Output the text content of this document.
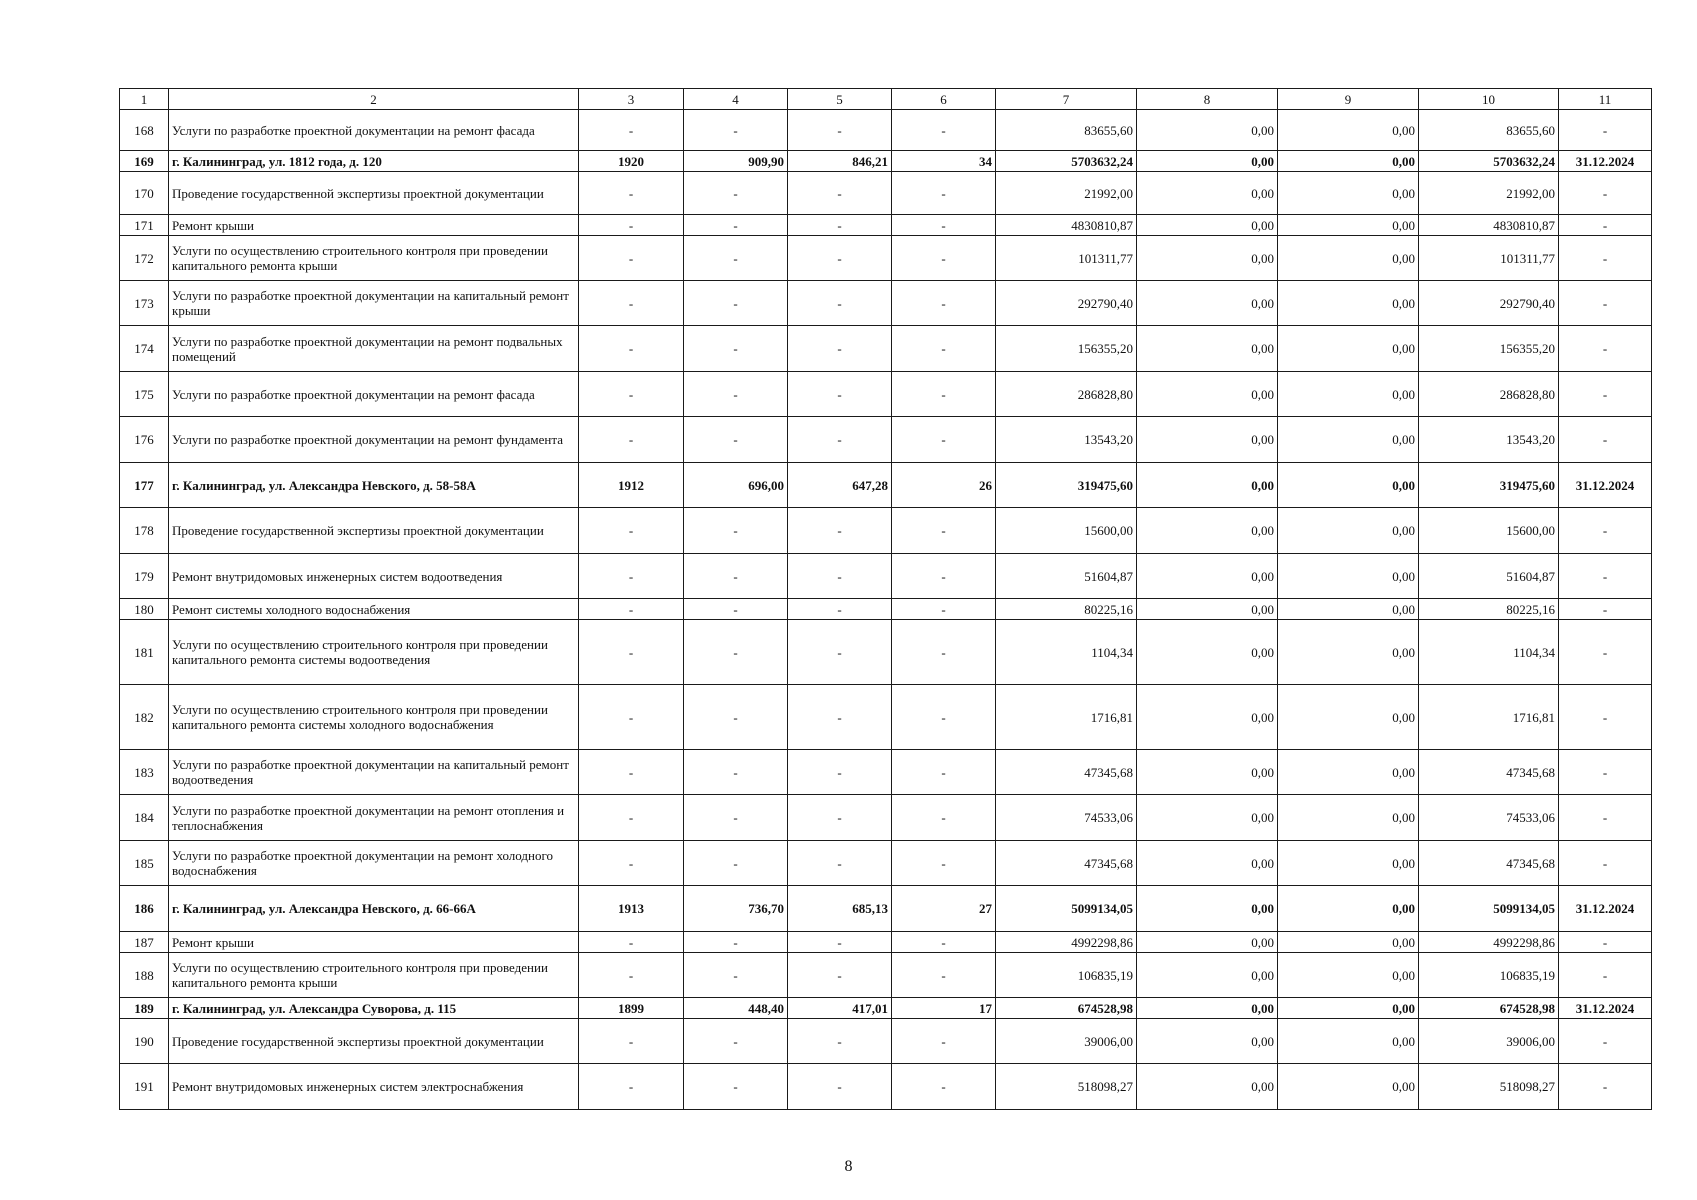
1	2	3	4	5	6	7	8	9	10	11
168	Услуги по разработке проектной документации на ремонт фасада	-	-	-	-	83655,60	0,00	0,00	83655,60	-
169	г. Калининград, ул. 1812 года, д. 120	1920	909,90	846,21	34	5703632,24	0,00	0,00	5703632,24	31.12.2024
170	Проведение государственной экспертизы проектной документации	-	-	-	-	21992,00	0,00	0,00	21992,00	-
171	Ремонт крыши	-	-	-	-	4830810,87	0,00	0,00	4830810,87	-
172	Услуги по осуществлению строительного контроля при проведении капитального ремонта крыши	-	-	-	-	101311,77	0,00	0,00	101311,77	-
173	Услуги по разработке проектной документации на капитальный ремонт крыши	-	-	-	-	292790,40	0,00	0,00	292790,40	-
174	Услуги по разработке проектной документации на ремонт подвальных помещений	-	-	-	-	156355,20	0,00	0,00	156355,20	-
175	Услуги по разработке проектной документации на ремонт фасада	-	-	-	-	286828,80	0,00	0,00	286828,80	-
176	Услуги по разработке проектной документации на ремонт фундамента	-	-	-	-	13543,20	0,00	0,00	13543,20	-
177	г. Калининград, ул. Александра Невского, д. 58-58А	1912	696,00	647,28	26	319475,60	0,00	0,00	319475,60	31.12.2024
178	Проведение государственной экспертизы проектной документации	-	-	-	-	15600,00	0,00	0,00	15600,00	-
179	Ремонт внутридомовых инженерных систем водоотведения	-	-	-	-	51604,87	0,00	0,00	51604,87	-
180	Ремонт системы холодного водоснабжения	-	-	-	-	80225,16	0,00	0,00	80225,16	-
181	Услуги по осуществлению строительного контроля при проведении капитального ремонта системы водоотведения	-	-	-	-	1104,34	0,00	0,00	1104,34	-
182	Услуги по осуществлению строительного контроля при проведении капитального ремонта системы холодного водоснабжения	-	-	-	-	1716,81	0,00	0,00	1716,81	-
183	Услуги по разработке проектной документации на капитальный ремонт водоотведения	-	-	-	-	47345,68	0,00	0,00	47345,68	-
184	Услуги по разработке проектной документации на ремонт отопления и теплоснабжения	-	-	-	-	74533,06	0,00	0,00	74533,06	-
185	Услуги по разработке проектной документации на ремонт холодного водоснабжения	-	-	-	-	47345,68	0,00	0,00	47345,68	-
186	г. Калининград, ул. Александра Невского, д. 66-66А	1913	736,70	685,13	27	5099134,05	0,00	0,00	5099134,05	31.12.2024
187	Ремонт крыши	-	-	-	-	4992298,86	0,00	0,00	4992298,86	-
188	Услуги по осуществлению строительного контроля при проведении капитального ремонта крыши	-	-	-	-	106835,19	0,00	0,00	106835,19	-
189	г. Калининград, ул. Александра Суворова, д. 115	1899	448,40	417,01	17	674528,98	0,00	0,00	674528,98	31.12.2024
190	Проведение государственной экспертизы проектной документации	-	-	-	-	39006,00	0,00	0,00	39006,00	-
191	Ремонт внутридомовых инженерных систем электроснабжения	-	-	-	-	518098,27	0,00	0,00	518098,27	-
8
